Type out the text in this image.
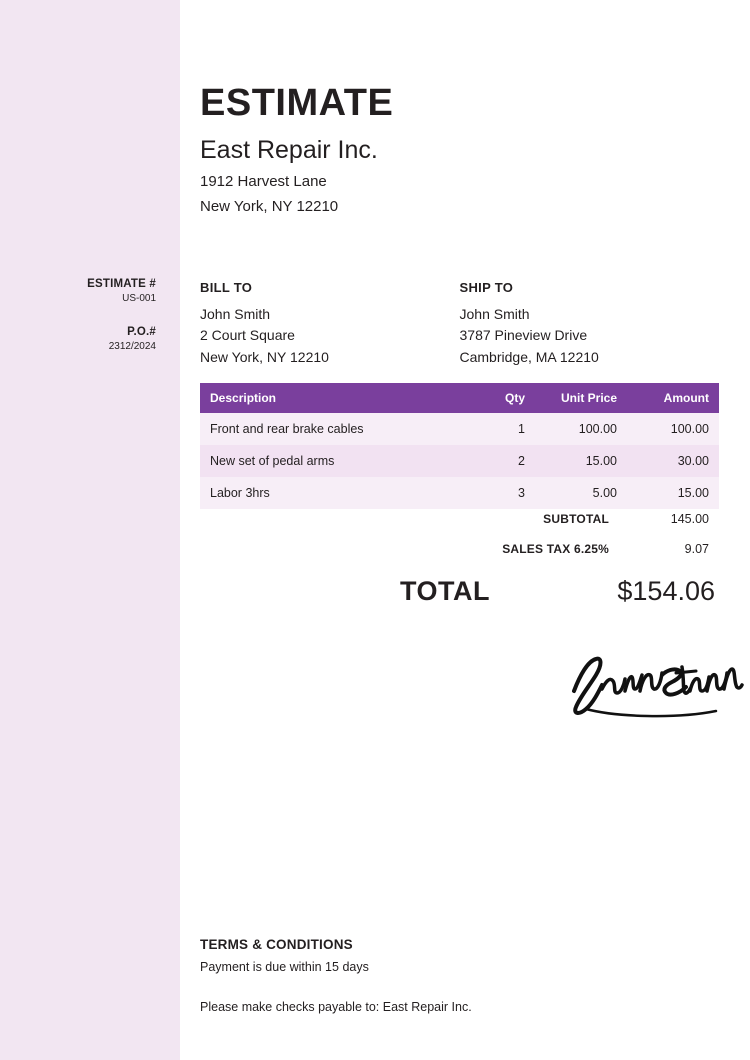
ESTIMATE #
US-001
P.O.#
2312/2024
ESTIMATE
East Repair Inc.
1912 Harvest Lane
New York, NY 12210
BILL TO
John Smith
2 Court Square
New York, NY 12210
SHIP TO
John Smith
3787 Pineview Drive
Cambridge, MA 12210
Description	Qty	Unit Price	Amount
Front and rear brake cables	1	100.00	100.00
New set of pedal arms	2	15.00	30.00
Labor 3hrs	3	5.00	15.00
SUBTOTAL	145.00
SALES TAX 6.25%	9.07
TOTAL	$154.06
TERMS & CONDITIONS
Payment is due within 15 days
Please make checks payable to: East Repair Inc.
